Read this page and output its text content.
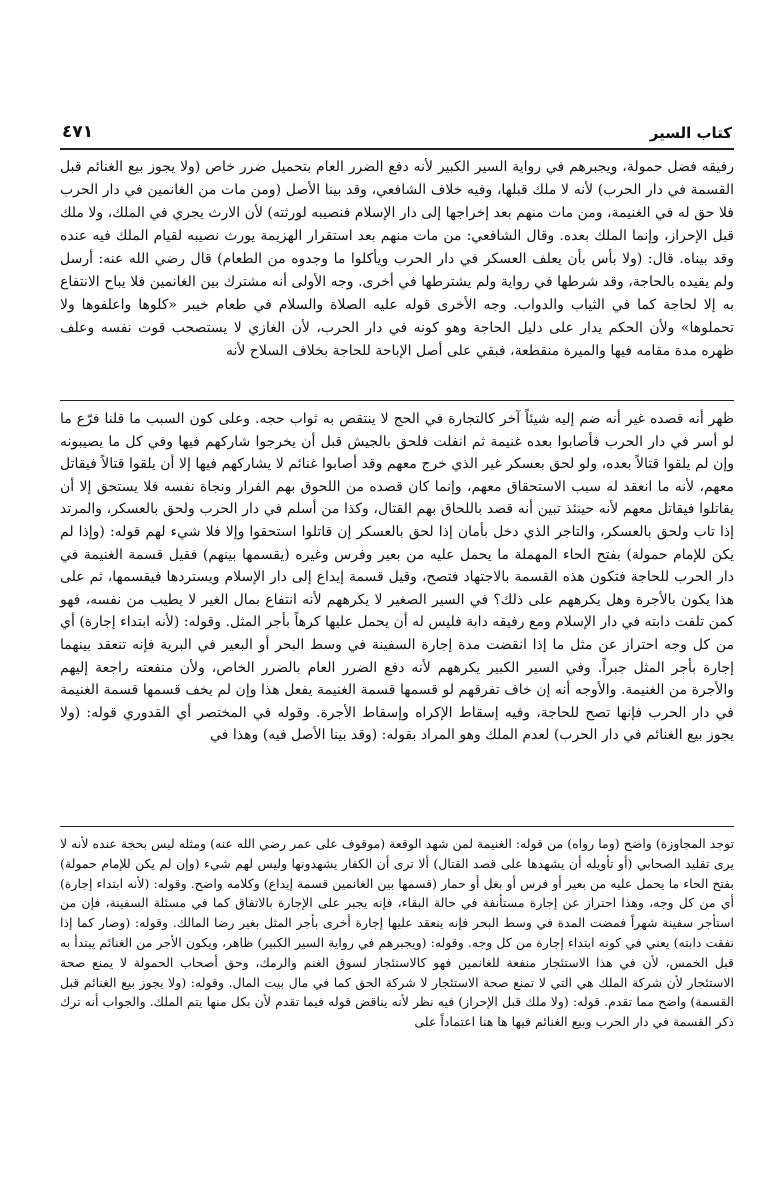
كتاب السير
٤٧١

رفيقه فضل حمولة، ويجبرهم في رواية السير الكبير لأنه دفع الضرر العام بتحميل ضرر خاص (ولا يجوز بيع الغنائم قبل القسمة في دار الحرب) لأنه لا ملك قبلها، وفيه خلاف الشافعي، وقد بينا الأصل (ومن مات من الغانمين في دار الحرب فلا حق له في الغنيمة، ومن مات منهم بعد إخراجها إلى دار الإسلام فنصيبه لورثته) لأن الارث يجري في الملك، ولا ملك قبل الإحراز، وإنما الملك بعده. وقال الشافعي: من مات منهم بعد استقرار الهزيمة يورث نصيبه لقيام الملك فيه عنده وقد بيناه. قال: (ولا بأس بأن يعلف العسكر في دار الحرب ويأكلوا ما وجدوه من الطعام) قال رضي الله عنه: أرسل ولم يقيده بالحاجة، وقد شرطها في رواية ولم يشترطها في أخرى. وجه الأولى أنه مشترك بين الغانمين فلا يباح الانتفاع به إلا لحاجة كما في الثياب والدواب. وجه الأخرى قوله عليه الصلاة والسلام في طعام خيبر «كلوها واعلفوها ولا تحملوها» ولأن الحكم يدار على دليل الحاجة وهو كونه في دار الحرب، لأن الغازي لا يستصحب قوت نفسه وعلف ظهره مدة مقامه فيها والميرة منقطعة، فبقي على أصل الإباحة للحاجة بخلاف السلاح لأنه

ظهر أنه قصده غير أنه ضم إليه شيئاً آخر كالتجارة في الحج لا ينتقص به ثواب حجه. وعلى كون السبب ما قلنا فرّع ما لو أسر في دار الحرب فأصابوا بعده غنيمة ثم انفلت فلحق بالجيش قبل أن يخرجوا شاركهم فيها وفي كل ما يصيبونه وإن لم يلقوا قتالاً بعده، ولو لحق بعسكر غير الذي خرج معهم وقد أصابوا غنائم لا يشاركهم فيها إلا أن يلقوا قتالاً فيقاتل معهم، لأنه ما انعقد له سبب الاستحقاق معهم، وإنما كان قصده من اللحوق بهم الفرار ونجاة نفسه فلا يستحق إلا أن يقاتلوا فيقاتل معهم لأنه حينئذ تبين أنه قصد باللحاق بهم القتال، وكذا من أسلم في دار الحرب ولحق بالعسكر، والمرتد إذا تاب ولحق بالعسكر، والتاجر الذي دخل بأمان إذا لحق بالعسكر إن قاتلوا استحقوا وإلا فلا شيء لهم قوله: (وإذا لم يكن للإمام حمولة) بفتح الحاء المهملة ما يحمل عليه من بعير وفرس وغيره (يقسمها بينهم) فقيل قسمة الغنيمة في دار الحرب للحاجة فتكون هذه القسمة بالاجتهاد فتصح، وقيل قسمة إيداع إلى دار الإسلام ويستردها فيقسمها، ثم على هذا يكون بالأجرة وهل يكرههم على ذلك؟ في السير الصغير لا يكرههم لأنه انتفاع بمال الغير لا يطيب من نفسه، فهو كمن تلفت دابته في دار الإسلام ومع رفيقه دابة فليس له أن يحمل عليها كرهاً بأجر المثل. وقوله: (لأنه ابتداء إجارة) أي من كل وجه احتراز عن مثل ما إذا انقضت مدة إجارة السفينة في وسط البحر أو البعير في البرية فإنه تنعقد بينهما إجارة بأجر المثل جبراً. وفي السير الكبير يكرههم لأنه دفع الضرر العام بالضرر الخاص، ولأن منفعته راجعة إليهم والأجرة من الغنيمة. والأوجه أنه إن خاف تفرقهم لو قسمها قسمة الغنيمة يفعل هذا وإن لم يخف قسمها قسمة الغنيمة في دار الحرب فإنها تصح للحاجة، وفيه إسقاط الإكراه وإسقاط الأجرة. وقوله في المختصر أي القدوري قوله: (ولا يجوز بيع الغنائم في دار الحرب) لعدم الملك وهو المراد بقوله: (وقد بينا الأصل فيه) وهذا في

توجد المجاوزة) واضح (وما رواه) من قوله: الغنيمة لمن شهد الوقعة (موقوف على عمر رضي الله عنه) ومثله ليس بحجة عنده لأنه لا يرى تقليد الصحابي (أو تأويله أن يشهدها على قصد القتال) ألا ترى أن الكفار يشهدونها وليس لهم شيء (وإن لم يكن للإمام حمولة) بفتح الحاء ما يحمل عليه من بعير أو فرس أو بغل أو حمار (قسمها بين الغانمين قسمة إيداع) وكلامه واضح. وقوله: (لأنه ابتداء إجارة) أي من كل وجه، وهذا احتراز عن إجارة مستأنفة في حالة البقاء، فإنه يجبر على الإجارة بالاتفاق كما في مسئلة السفينة، فإن من استأجر سفينة شهراً فمضت المدة في وسط البحر فإنه ينعقد عليها إجارة أخرى بأجر المثل بغير رضا المالك. وقوله: (وصار كما إذا نفقت دابته) يعني في كونه ابتداء إجارة من كل وجه. وقوله: (ويجبرهم في رواية السير الكبير) ظاهر، ويكون الأجر من الغنائم يبتدأ به قبل الخمس، لأن في هذا الاستئجار منفعة للغانمين فهو كالاستئجار لسوق الغنم والرمك، وحق أصحاب الحمولة لا يمنع صحة الاستئجار لأن شركة الملك هي التي لا تمنع صحة الاستئجار لا شركة الحق كما في مال بيت المال. وقوله: (ولا يجوز بيع الغنائم قبل القسمة) واضح مما تقدم. قوله: (ولا ملك قبل الإحراز) فيه نظر لأنه يناقض قوله فيما تقدم لأن بكل منها يتم الملك. والجواب أنه ترك ذكر القسمة في دار الحرب وبيع الغنائم فيها ها هنا اعتماداً على
